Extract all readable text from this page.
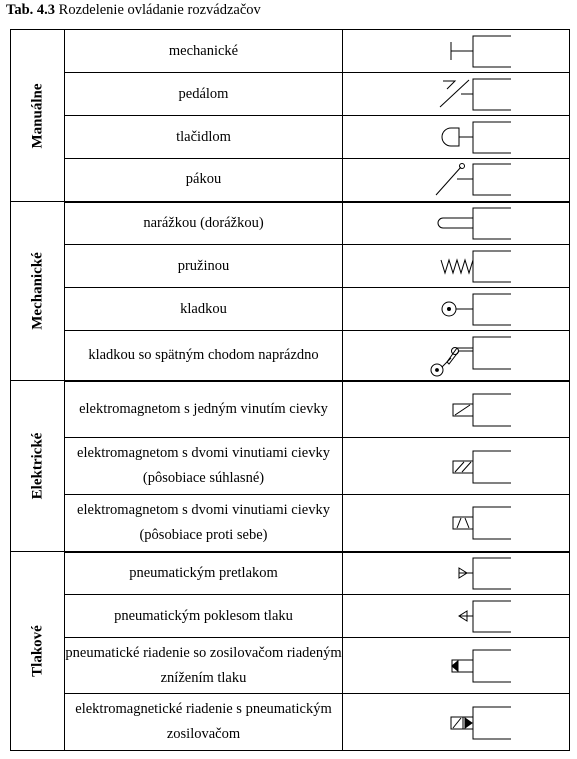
Tab. 4.3 Rozdelenie ovládanie rozvádzačov
Manuálne	mechanické	

	pedálom	

	tlačidlom	

	pákou	

Mechanické	narážkou (dorážkou)	

	pružinou	

	kladkou	

	kladkou so spätným chodom naprázdno	

Elektrické	elektromagnetom s jedným vinutím cievky	

	elektromagnetom s dvomi vinutiami cievky (pôsobiace súhlasné)	

	elektromagnetom s dvomi vinutiami cievky (pôsobiace proti sebe)	

Tlakové	pneumatickým pretlakom	

	pneumatickým poklesom tlaku	

	pneumatické riadenie so zosilovačom riadeným znížením tlaku	

	elektromagnetické riadenie s pneumatickým zosilovačom	
